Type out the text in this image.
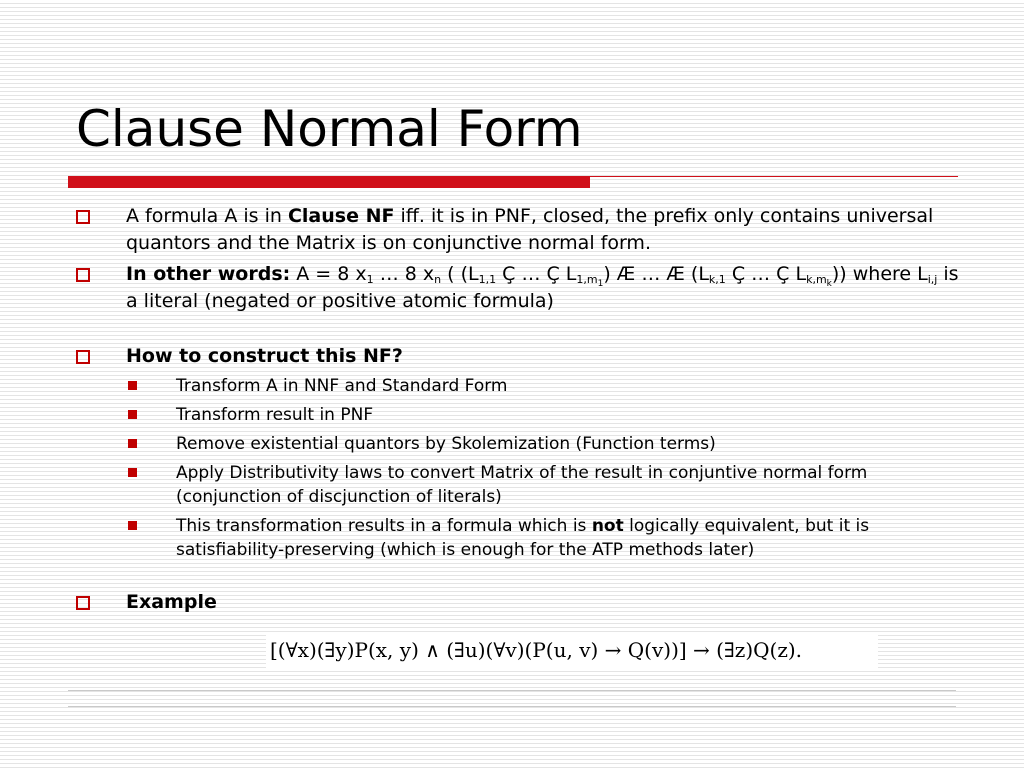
Clause Normal Form
A formula A is in Clause NF iff. it is in PNF, closed, the prefix only contains universal quantors and the Matrix is on conjunctive normal form.
In other words: A = 8 $x_1$ … 8 $x_n$ ( ($L_{1,1}$ Ç … Ç $L_{1,m_1}$) Æ … Æ ($L_{k,1}$ Ç … Ç $L_{k,m_k}$)) where $L_{i,j}$ is a literal (negated or positive atomic formula)
How to construct this NF?
Transform A in NNF and Standard Form
Transform result in PNF
Remove existential quantors by Skolemization (Function terms)
Apply Distributivity laws to convert Matrix of the result in conjuntive normal form (conjunction of discjunction of literals)
This transformation results in a formula which is not logically equivalent, but it is satisfiability-preserving (which is enough for the ATP methods later)
Example
[(∀x)(∃y)P(x, y) ∧ (∃u)(∀v)(P(u, v) → Q(v))] → (∃z)Q(z).
